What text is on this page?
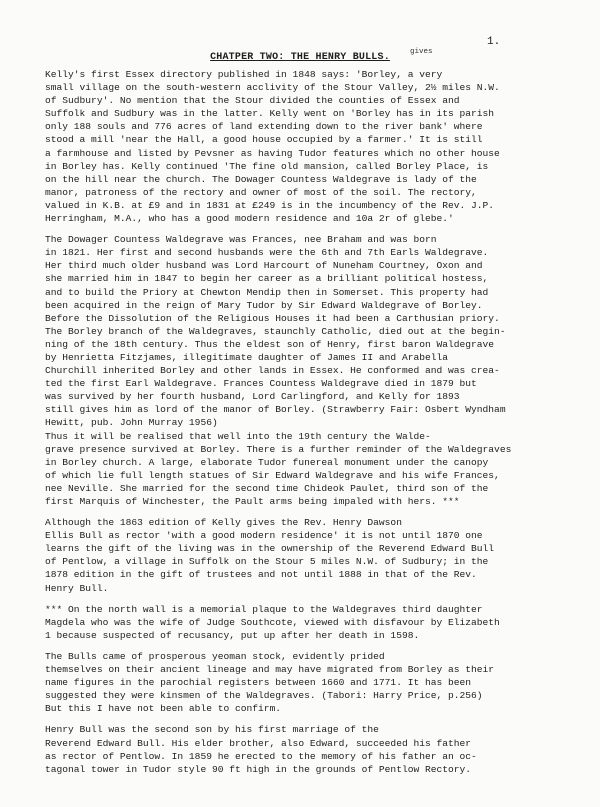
1.
gives
CHATPER TWO: THE HENRY BULLS.
Kelly's first Essex directory published in 1848 says: 'Borley, a very
small village on the south-western acclivity of the Stour Valley, 2½ miles N.W.
of Sudbury'. No mention that the Stour divided the counties of Essex and
Suffolk and Sudbury was in the latter. Kelly went on 'Borley has in its parish
only 188 souls and 776 acres of land extending down to the river bank' where
stood a mill 'near the Hall, a good house occupied by a farmer.' It is still
a farmhouse and listed by Pevsner as having Tudor features which no other house
in Borley has. Kelly continued 'The fine old mansion, called Borley Place, is
on the hill near the church. The Dowager Countess Waldegrave is lady of the
manor, patroness of the rectory and owner of most of the soil. The rectory,
valued in K.B. at £9 and in 1831 at £249 is in the incumbency of the Rev. J.P.
Herringham, M.A., who has a good modern residence and 10a 2r of glebe.'
The Dowager Countess Waldegrave was Frances, nee Braham and was born
in 1821. Her first and second husbands were the 6th and 7th Earls Waldegrave.
Her third much older husband was Lord Harcourt of Nuneham Courtney, Oxon and
she married him in 1847 to begin her career as a brilliant political hostess,
and to build the Priory at Chewton Mendip then in Somerset. This property had
been acquired in the reign of Mary Tudor by Sir Edward Waldegrave of Borley.
Before the Dissolution of the Religious Houses it had been a Carthusian priory.
The Borley branch of the Waldegraves, staunchly Catholic, died out at the begin-
ning of the 18th century. Thus the eldest son of Henry, first baron Waldegrave
by Henrietta Fitzjames, illegitimate daughter of James II and Arabella
Churchill inherited Borley and other lands in Essex. He conformed and was crea-
ted the first Earl Waldegrave. Frances Countess Waldegrave died in 1879 but
was survived by her fourth husband, Lord Carlingford, and Kelly for 1893
still gives him as lord of the manor of Borley. (Strawberry Fair: Osbert Wyndham
Hewitt, pub. John Murray 1956)
Thus it will be realised that well into the 19th century the Walde-
grave presence survived at Borley. There is a further reminder of the Waldegraves
in Borley church. A large, elaborate Tudor funereal monument under the canopy
of which lie full length statues of Sir Edward Waldegrave and his wife Frances,
nee Neville. She married for the second time Chideok Paulet, third son of the
first Marquis of Winchester, the Pault arms being impaled with hers. ***
Although the 1863 edition of Kelly gives the Rev. Henry Dawson
Ellis Bull as rector 'with a good modern residence' it is not until 1870 one
learns the gift of the living was in the ownership of the Reverend Edward Bull
of Pentlow, a village in Suffolk on the Stour 5 miles N.W. of Sudbury; in the
1878 edition in the gift of trustees and not until 1888 in that of the Rev.
Henry Bull.
*** On the north wall is a memorial plaque to the Waldegraves third daughter
Magdela who was the wife of Judge Southcote, viewed with disfavour by Elizabeth
1 because suspected of recusancy, put up after her death in 1598.
The Bulls came of prosperous yeoman stock, evidently prided
themselves on their ancient lineage and may have migrated from Borley as their
name figures in the parochial registers between 1660 and 1771. It has been
suggested they were kinsmen of the Waldegraves. (Tabori: Harry Price, p.256)
But this I have not been able to confirm.
Henry Bull was the second son by his first marriage of the
Reverend Edward Bull. His elder brother, also Edward, succeeded his father
as rector of Pentlow. In 1859 he erected to the memory of his father an oc-
tagonal tower in Tudor style 90 ft high in the grounds of Pentlow Rectory.
